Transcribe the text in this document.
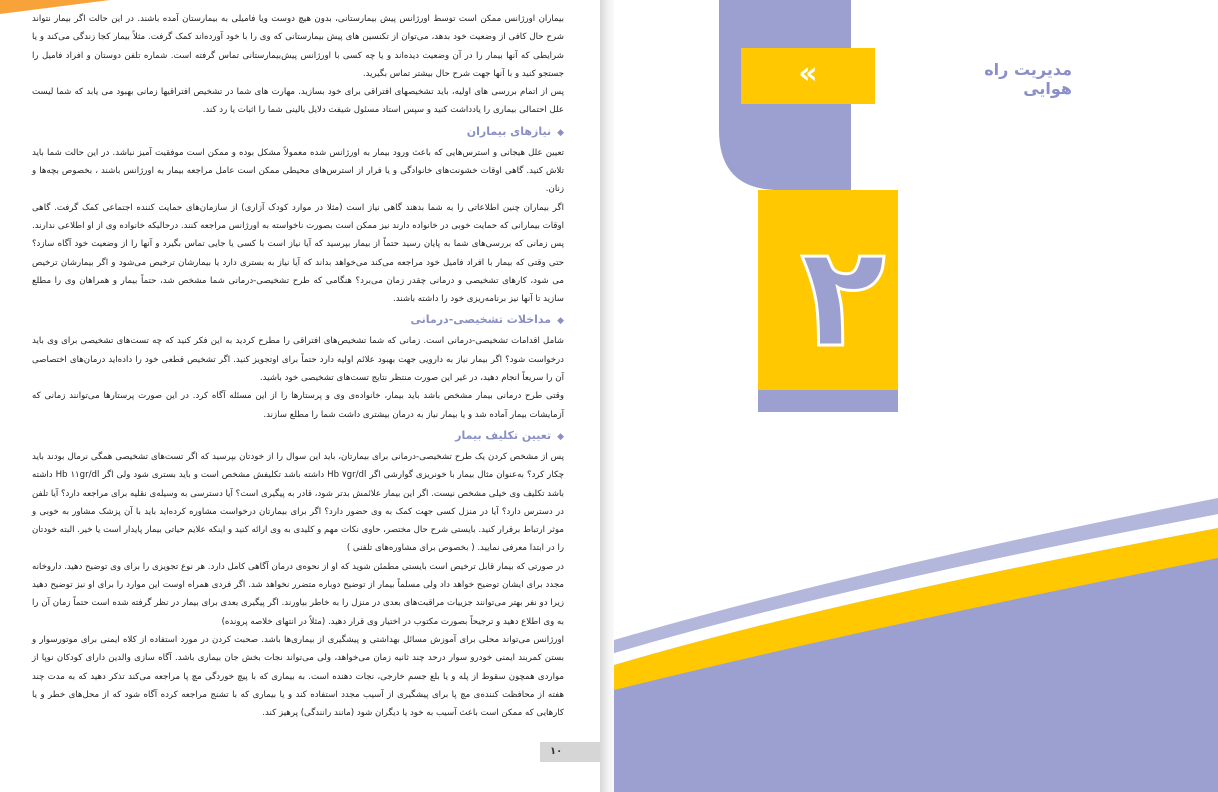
بیماران اورژانس ممکن است توسط اورژانس پیش بیمارستانی، بدون هیچ دوست ویا فامیلی به بیمارستان آمده باشند. در این حالت اگر بیمار نتواند شرح حال کافی از وضعیت خود بدهد، می‌توان از تکنسین های پیش بیمارستانی که وی را با خود آورده‌اند کمک گرفت. مثلاً بیمار کجا زندگی می‌کند و یا شرایطی که آنها بیمار را در آن وضعیت دیده‌اند و یا چه کسی با اورژانس پیش‌بیمارستانی تماس گرفته است. شماره تلفن دوستان و افراد فامیل را جستجو کنید و با آنها جهت شرح حال بیشتر تماس بگیرید.

پس از اتمام بررسی های اولیه، باید تشخیصهای افتراقی برای خود بسازید. مهارت های شما در تشخیص افتراقیها زمانی بهبود می یابد که شما لیست علل احتمالی بیماری را یادداشت کنید و سپس استاد مسئول شیفت دلایل بالینی شما را اثبات یا رد کند.

◆نیازهای بیماران

تعیین علل هیجانی و استرس‌هایی که باعث ورود بیمار به اورژانس شده معمولاً مشکل بوده و ممکن است موفقیت آمیز نباشد. در این حالت شما باید تلاش کنید. گاهی اوقات خشونت‌های خانوادگی و یا فرار از استرس‌های محیطی ممکن است عامل مراجعه بیمار به اورژانس باشند ، بخصوص بچه‌ها و زنان.

اگر بیماران چنین اطلاعاتی را به شما بدهند گاهی نیاز است (مثلا در موارد کودک آزاری) از سازمان‌های حمایت کننده اجتماعی کمک گرفت. گاهی اوقات بیمارانی که حمایت خوبی در خانواده دارند نیز ممکن است بصورت ناخواسته به اورژانس مراجعه کنند. درحالیکه خانواده وی از او اطلاعی ندارند. پس زمانی که بررسی‌های شما به پایان رسید حتماً از بیمار بپرسید که آیا نیاز است با کسی یا جایی تماس بگیرد و آنها را از وضعیت خود آگاه سازد؟ حتی وقتی که بیمار با افراد فامیل خود مراجعه می‌کند می‌خواهد بداند که آیا نیاز به بستری دارد یا بیمارشان ترخیص می‌شود و اگر بیمارشان ترخیص می شود، کارهای تشخیصی و درمانی چقدر زمان می‌برد؟ هنگامی که طرح تشخیصی-درمانی شما مشخص شد، حتماً بیمار و همراهان وی را مطلع سازید تا آنها نیز برنامه‌ریزی خود را داشته باشند.

◆مداخلات تشخیصی-درمانی

شامل اقدامات تشخیصی-درمانی است. زمانی که شما تشخیص‌های افتراقی را مطرح کردید به این فکر کنید که چه تست‌های تشخیصی برای وی باید درخواست شود؟ اگر بیمار نیاز به دارویی جهت بهبود علائم اولیه دارد حتماً برای اوتجویز کنید. اگر تشخیص قطعی خود را داده‌اید درمان‌های اختصاصی آن را سریعاً انجام دهید، در غیر این صورت منتظر نتایج تست‌های تشخیصی خود باشید.

وقتی طرح درمانی بیمار مشخص باشد باید بیمار، خانواده‌ی وی و پرستارها را از این مسئله آگاه کرد. در این صورت پرستارها می‌توانند زمانی که آزمایشات بیمار آماده شد و یا بیمار نیاز به درمان بیشتری داشت شما را مطلع سازند.

◆تعیین تکلیف بیمار

پس از مشخص کردن یک طرح تشخیصی-درمانی برای بیمارتان، باید این سوال را از خودتان بپرسید که اگر تست‌های تشخیصی همگی نرمال بودند باید چکار کرد؟ به‌عنوان مثال بیمار با خونریزی گوارشی اگر Hb ۷gr/dl داشته باشد تکلیفش مشخص است و باید بستری شود ولی اگر Hb ۱۱gr/dl داشته باشد تکلیف وی خیلی مشخص نیست. اگر این بیمار علائمش بدتر شود، قادر به پیگیری است؟ آیا دسترسی به وسیله‌ی نقلیه برای مراجعه دارد؟ آیا تلفن در دسترس دارد؟ آیا در منزل کسی جهت کمک به وی حضور دارد؟ اگر برای بیمارتان درخواست مشاوره کرده‌اید باید با آن پزشک مشاور به خوبی و موثر ارتباط برقرار کنید. بایستی شرح حال مختصر، حاوی نکات مهم و کلیدی به وی ارائه کنید و اینکه علایم حیاتی بیمار پایدار است یا خیر. البته خودتان را در ابتدا معرفی نمایید. ( بخصوص برای مشاوره‌های تلفنی )

در صورتی که بیمار قابل ترخیص است بایستی مطمئن شوید که او از نحوه‌ی درمان آگاهی کامل دارد. هر نوع تجویزی را برای وی توضیح دهید. داروخانه مجدد برای ایشان توضیح خواهد داد ولی مسلماً بیمار از توضیح دوباره متضرر نخواهد شد. اگر فردی همراه اوست این موارد را برای او نیز توضیح دهید زیرا دو نفر بهتر می‌توانند جزییات مراقبت‌های بعدی در منزل را به خاطر بیاورند. اگر پیگیری بعدی برای بیمار در نظر گرفته شده است حتماً زمان آن را به وی اطلاع دهید و ترجیحاً بصورت مکتوب در اختیار وی قرار دهید. (مثلاً در انتهای خلاصه پرونده)

اورژانس می‌تواند محلی برای آموزش مسائل بهداشتی و پیشگیری از بیماری‌ها باشد. صحبت کردن در مورد استفاده از کلاه ایمنی برای موتورسوار و بستن کمربند ایمنی خودرو سوار درحد چند ثانیه زمان می‌خواهد، ولی می‌تواند نجات بخش جان بیماری باشد. آگاه سازی والدین دارای کودکان نوپا از مواردی همچون سقوط از پله و یا بلع جسم خارجی، نجات دهنده است. به بیماری که با پیچ خوردگی مچ پا مراجعه می‌کند تذکر دهید که به مدت چند هفته از محافظت کننده‌ی مچ پا برای پیشگیری از آسیب مجدد استفاده کند و یا بیماری که با تشنج مراجعه کرده آگاه شود که از محل‌های خطر و یا کارهایی که ممکن است باعث آسیب به خود یا دیگران شود (مانند رانندگی) پرهیز کند.

۱۰
«	مدیریت راه هوایی
۲
